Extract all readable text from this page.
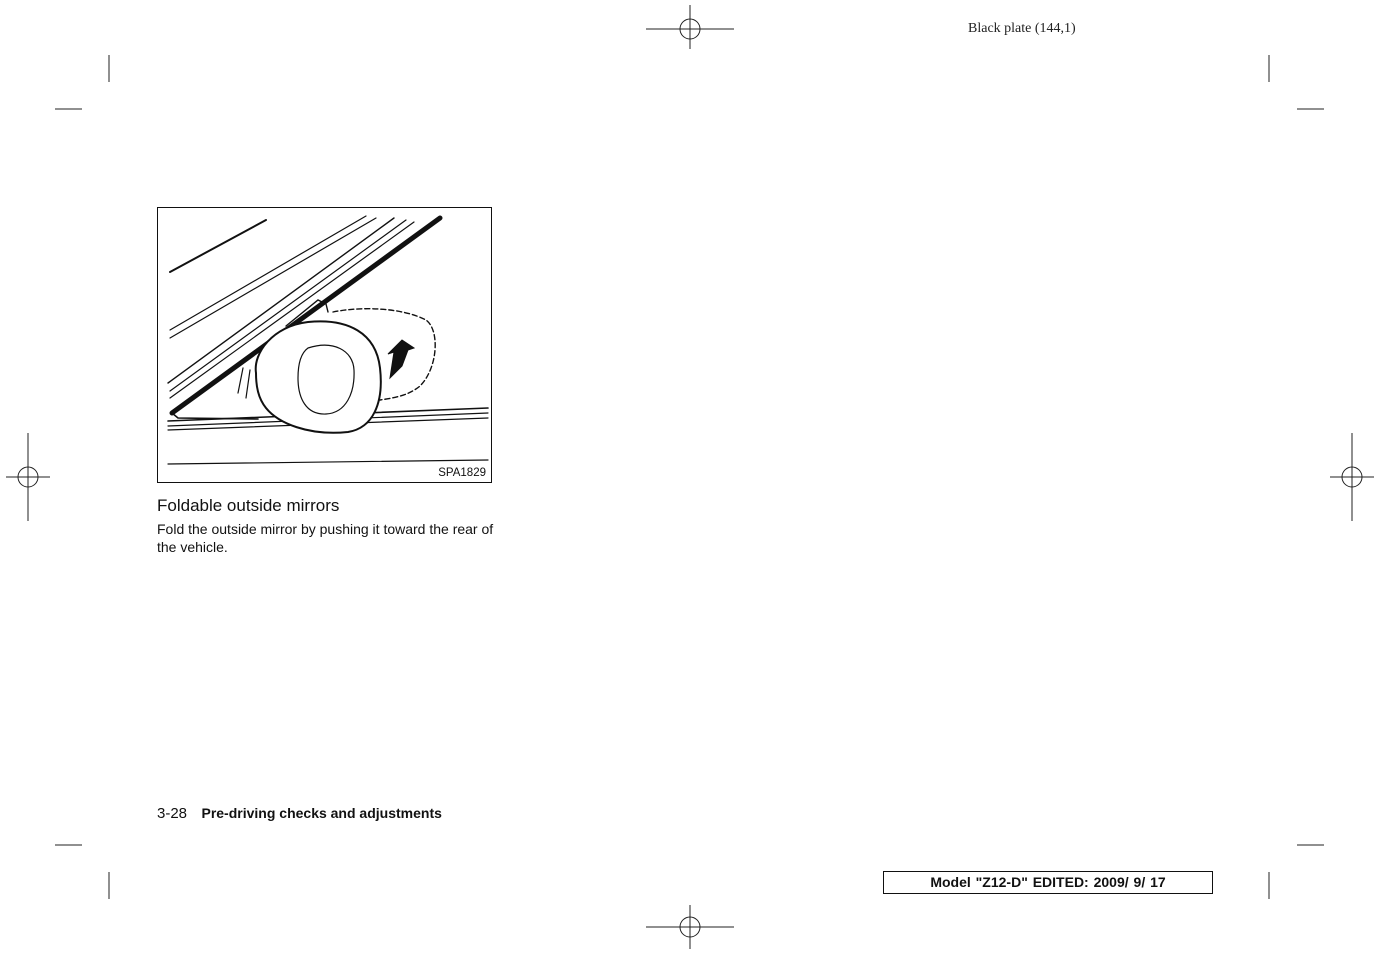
Black plate (144,1)
SPA1829
Foldable outside mirrors
Fold the outside mirror by pushing it toward the rear of the vehicle.
3-28 Pre-driving checks and adjustments
Model "Z12-D" EDITED: 2009/ 9/ 17
